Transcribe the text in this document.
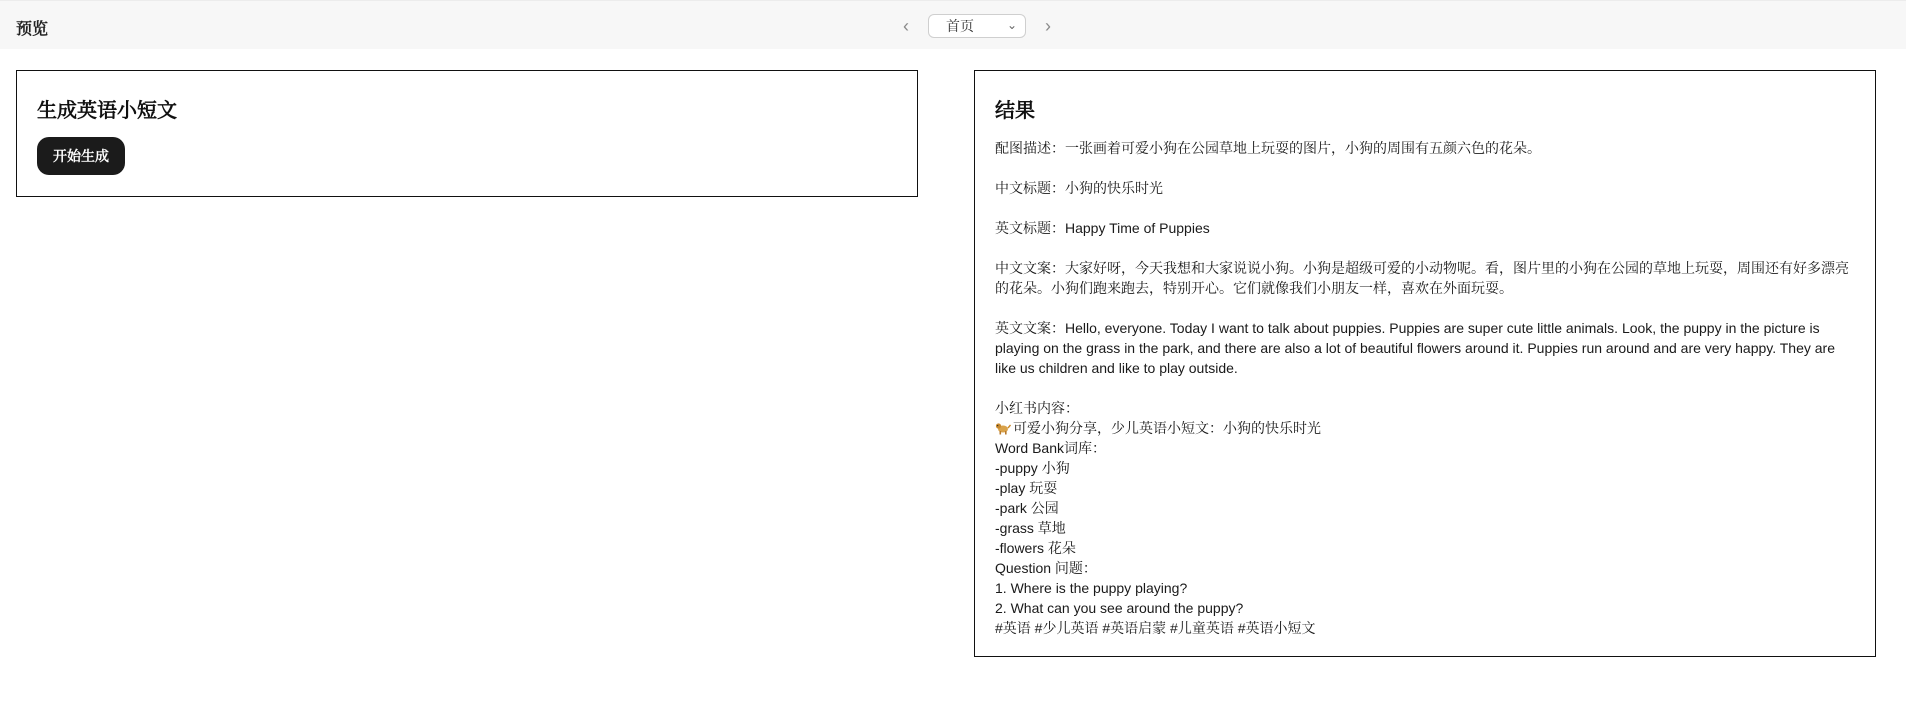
预览	‹	首页	⌄ ›
生成英语小短文
开始生成
结果
配图描述：一张画着可爱小狗在公园草地上玩耍的图片，小狗的周围有五颜六色的花朵。
中文标题：小狗的快乐时光
英文标题：Happy Time of Puppies
中文文案：大家好呀，今天我想和大家说说小狗。小狗是超级可爱的小动物呢。看，图片里的小狗在公园的草地上玩耍，周围还有好多漂亮的花朵。小狗们跑来跑去，特别开心。它们就像我们小朋友一样，喜欢在外面玩耍。
英文文案：Hello, everyone. Today I want to talk about puppies. Puppies are super cute little animals. Look, the puppy in the picture is playing on the grass in the park, and there are also a lot of beautiful flowers around it. Puppies run around and are very happy. They are like us children and like to play outside.
小红书内容：
可爱小狗分享，少儿英语小短文：小狗的快乐时光
Word Bank词库：
-puppy 小狗
-play 玩耍
-park 公园
-grass 草地
-flowers 花朵
Question 问题：
1. Where is the puppy playing?
2. What can you see around the puppy?
#英语 #少儿英语 #英语启蒙 #儿童英语 #英语小短文
